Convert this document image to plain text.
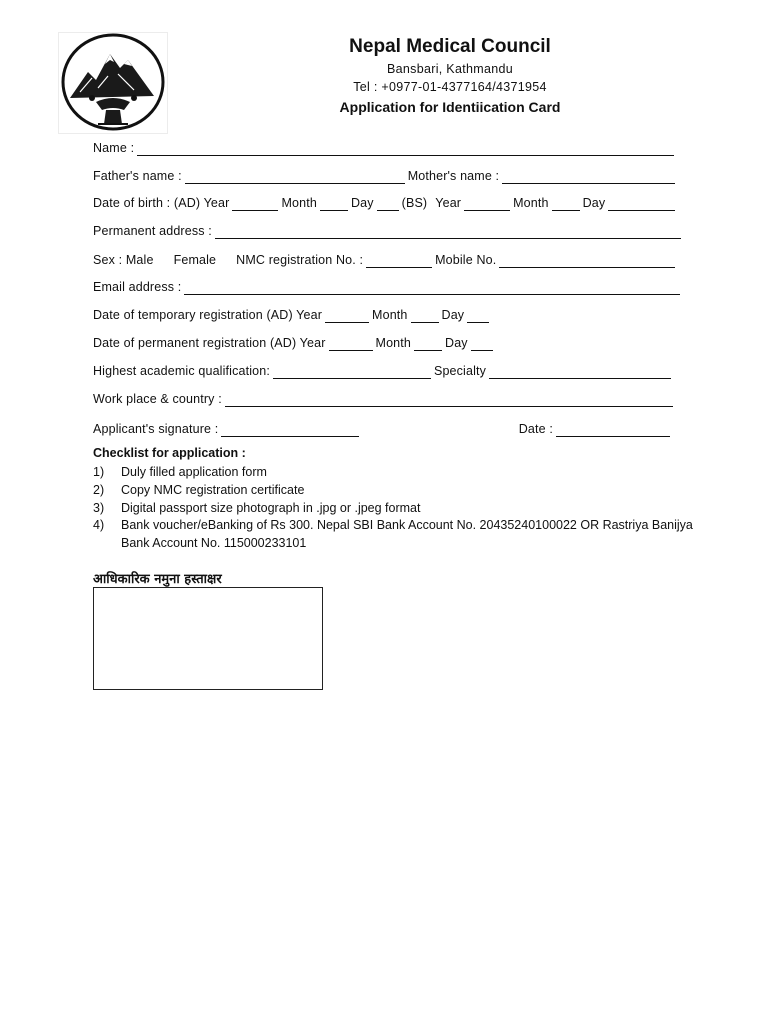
Nepal Medical Council
Bansbari, Kathmandu
Tel : +0977-01-4377164/4371954
Application for Identiication Card
Name :
Father's name :	Mother's name :
Date of birth : (AD) Year	Month	Day (BS) Year	Month	Day
Permanent address :
Sex : Male Female NMC registration No. :	Mobile No.
Email address :
Date of temporary registration (AD) Year	Month	Day
Date of permanent registration (AD) Year	Month	Day
Highest academic qualification:	Specialty
Work place & country :
Applicant's signature :	Date :
Checklist for application :
1)	Duly filled application form
2)	Copy NMC registration certificate
3)	Digital passport size photograph in .jpg or .jpeg format
4)	Bank voucher/eBanking of Rs 300. Nepal SBI Bank Account No. 20435240100022 OR Rastriya Banijya Bank Account No. 115000233101
आधिकारिक नमुना हस्ताक्षर
